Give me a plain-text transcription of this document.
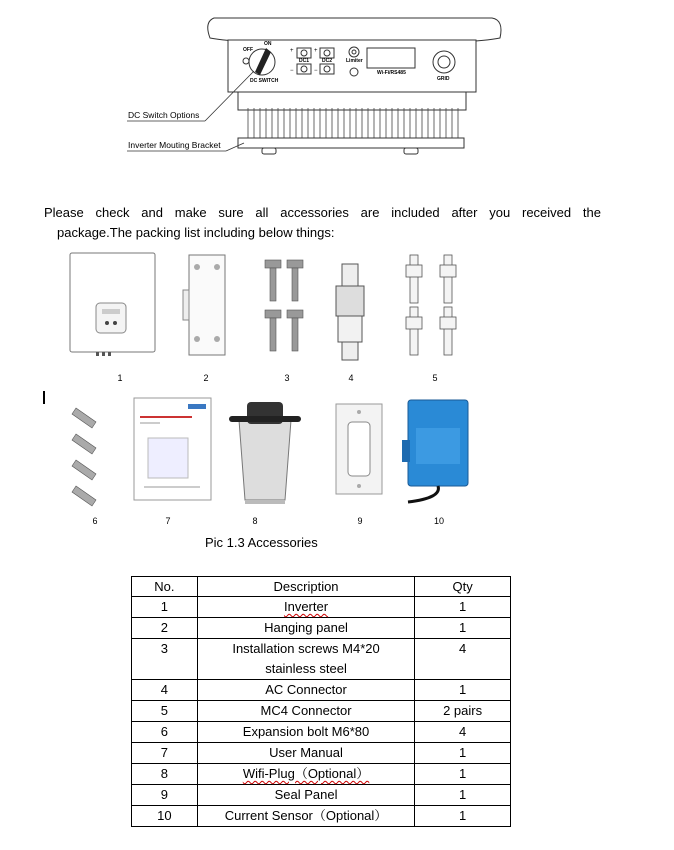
+
−
+
−
ON
OFF
DC SWITCH
DC1	DC2	Limiter
Wi-Fi/RS485
GRID
DC Switch Options
Inverter Mouting Bracket
Please check and make sure all accessories are included after you received the
package.The packing list including below things:
1	2	3	4	5
6	7	8	9	10
Pic 1.3 Accessories
No.	Description	Qty
1	Inverter	1
2	Hanging panel	1
3	Installation screws M4*20
stainless steel	4
4	AC Connector	1
5	MC4 Connector	2 pairs
6	Expansion bolt M6*80	4
7	User Manual	1
8	Wifi-Plug（Optional）	1
9	Seal Panel	1
10	Current Sensor（Optional）	1
